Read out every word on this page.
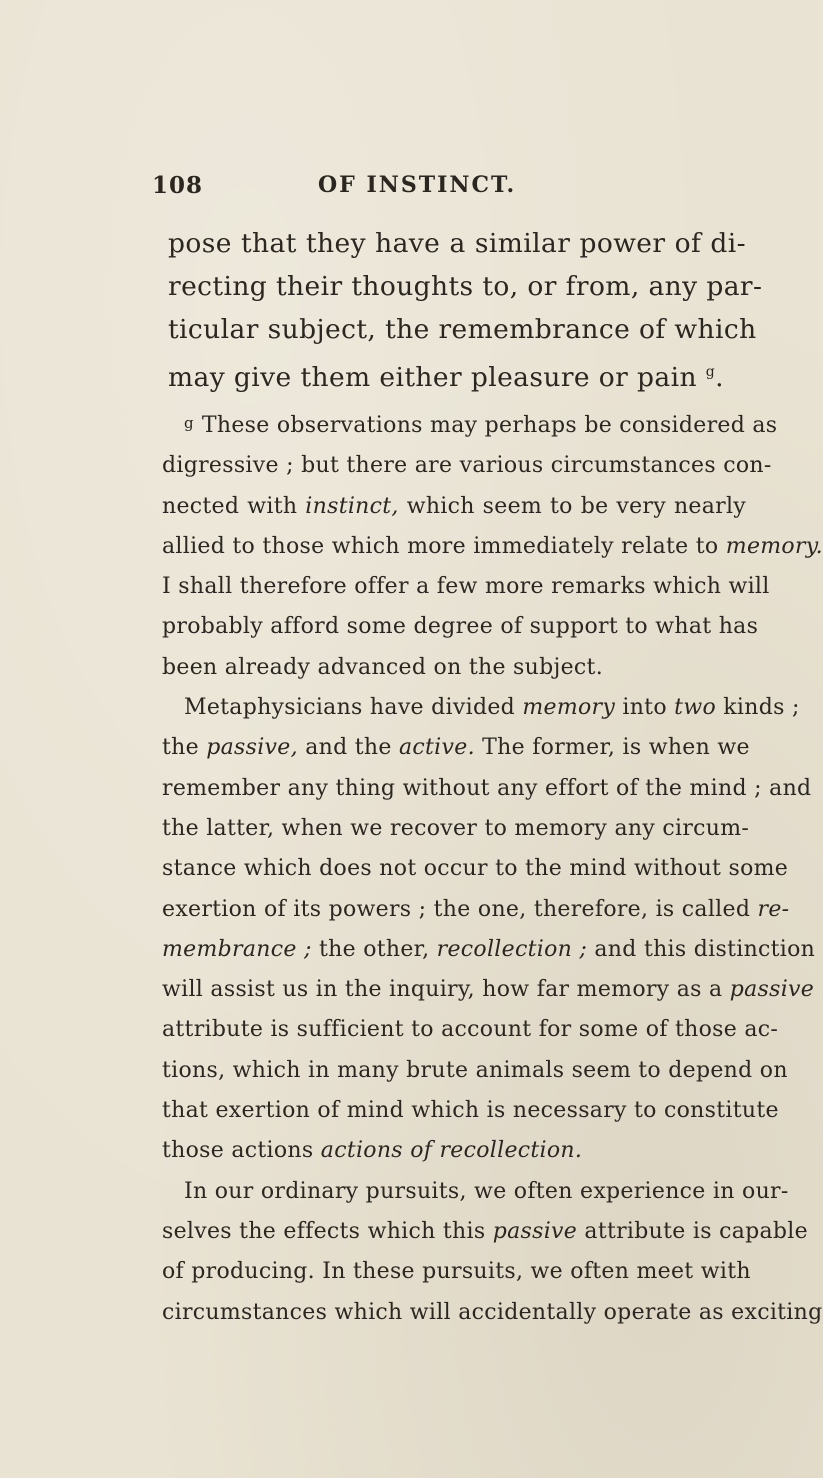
108	OF INSTINCT.
pose that they have a similar power of di-
recting their thoughts to, or from, any par-
ticular subject, the remembrance of which
may give them either pleasure or pain $^g$.
g These observations may perhaps be considered as
digressive ; but there are various circumstances con-
nected with instinct, which seem to be very nearly
allied to those which more immediately relate to memory.
I shall therefore offer a few more remarks which will
probably afford some degree of support to what has
been already advanced on the subject.
Metaphysicians have divided memory into two kinds ;
the passive, and the active. The former, is when we
remember any thing without any effort of the mind ; and
the latter, when we recover to memory any circum-
stance which does not occur to the mind without some
exertion of its powers ; the one, therefore, is called re-
membrance ; the other, recollection ; and this distinction
will assist us in the inquiry, how far memory as a passive
attribute is sufficient to account for some of those ac-
tions, which in many brute animals seem to depend on
that exertion of mind which is necessary to constitute
those actions actions of recollection.
In our ordinary pursuits, we often experience in our-
selves the effects which this passive attribute is capable
of producing. In these pursuits, we often meet with
circumstances which will accidentally operate as exciting
